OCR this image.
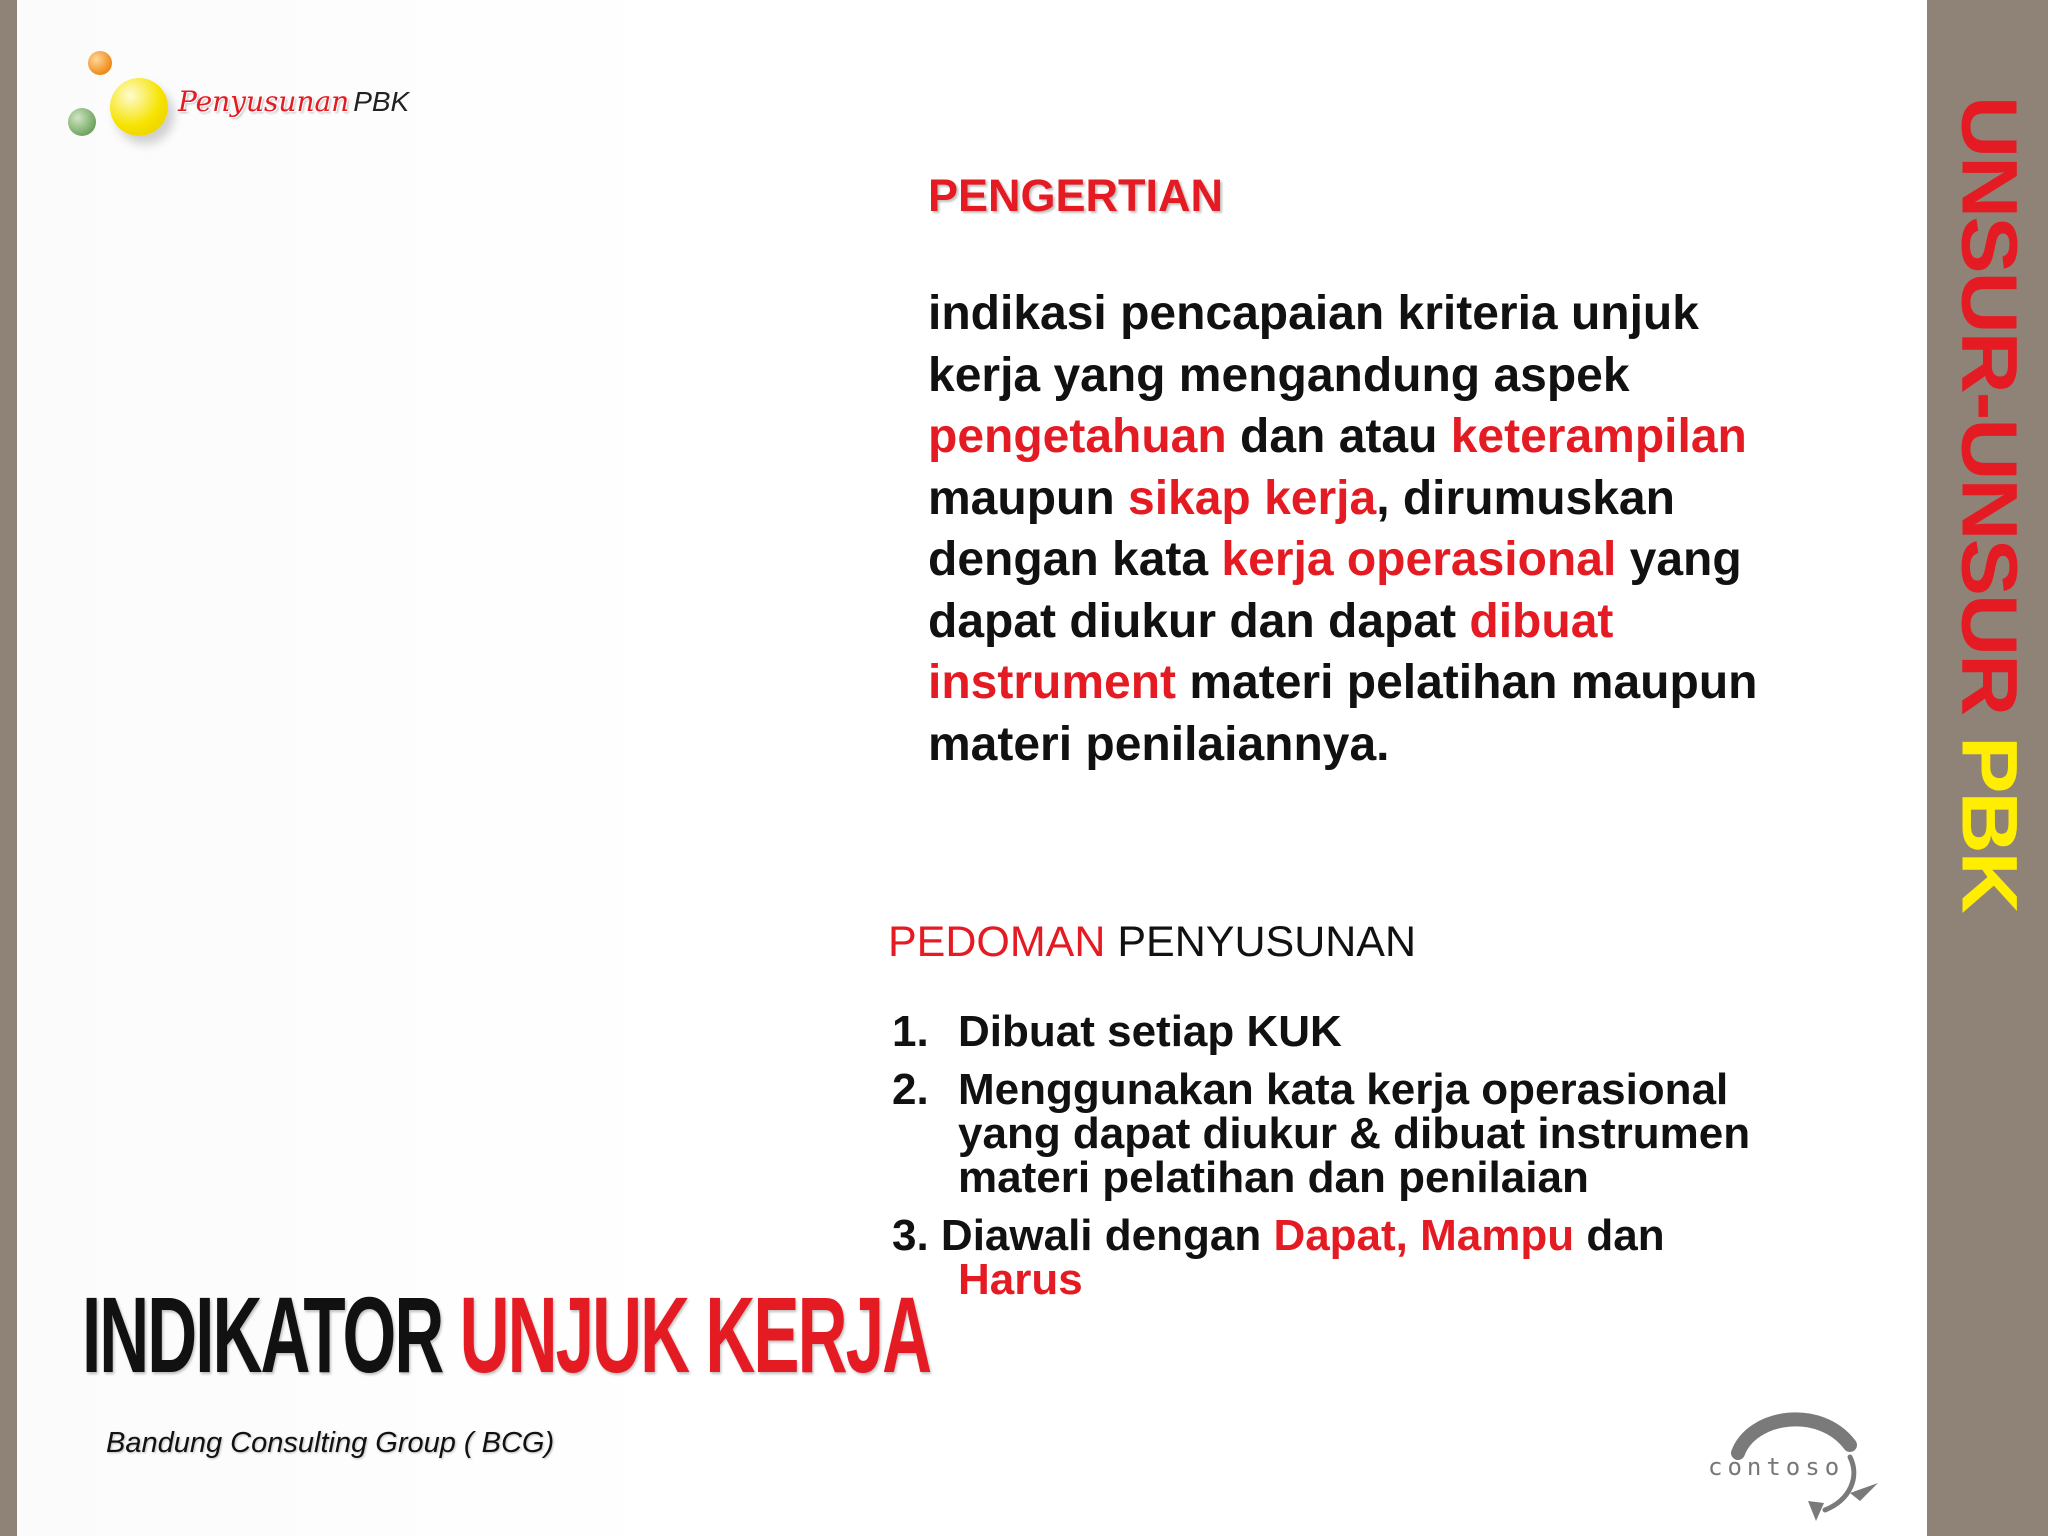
Penyusunan PBK	UNSUR-UNSUR PBK
PENGERTIAN
indikasi pencapaian kriteria unjuk
kerja yang mengandung aspek
pengetahuan dan atau keterampilan
maupun sikap kerja, dirumuskan
dengan kata kerja operasional yang
dapat diukur dan dapat dibuat
instrument materi pelatihan maupun
materi penilaiannya.
PEDOMAN PENYUSUNAN
1. Dibuat setiap KUK
2. Menggunakan kata kerja operasional
yang dapat diukur & dibuat instrumen
materi pelatihan dan penilaian
3. Diawali dengan Dapat, Mampu dan
Harus
INDIKATOR UNJUK KERJA
Bandung Consulting Group ( BCG)
contoso
